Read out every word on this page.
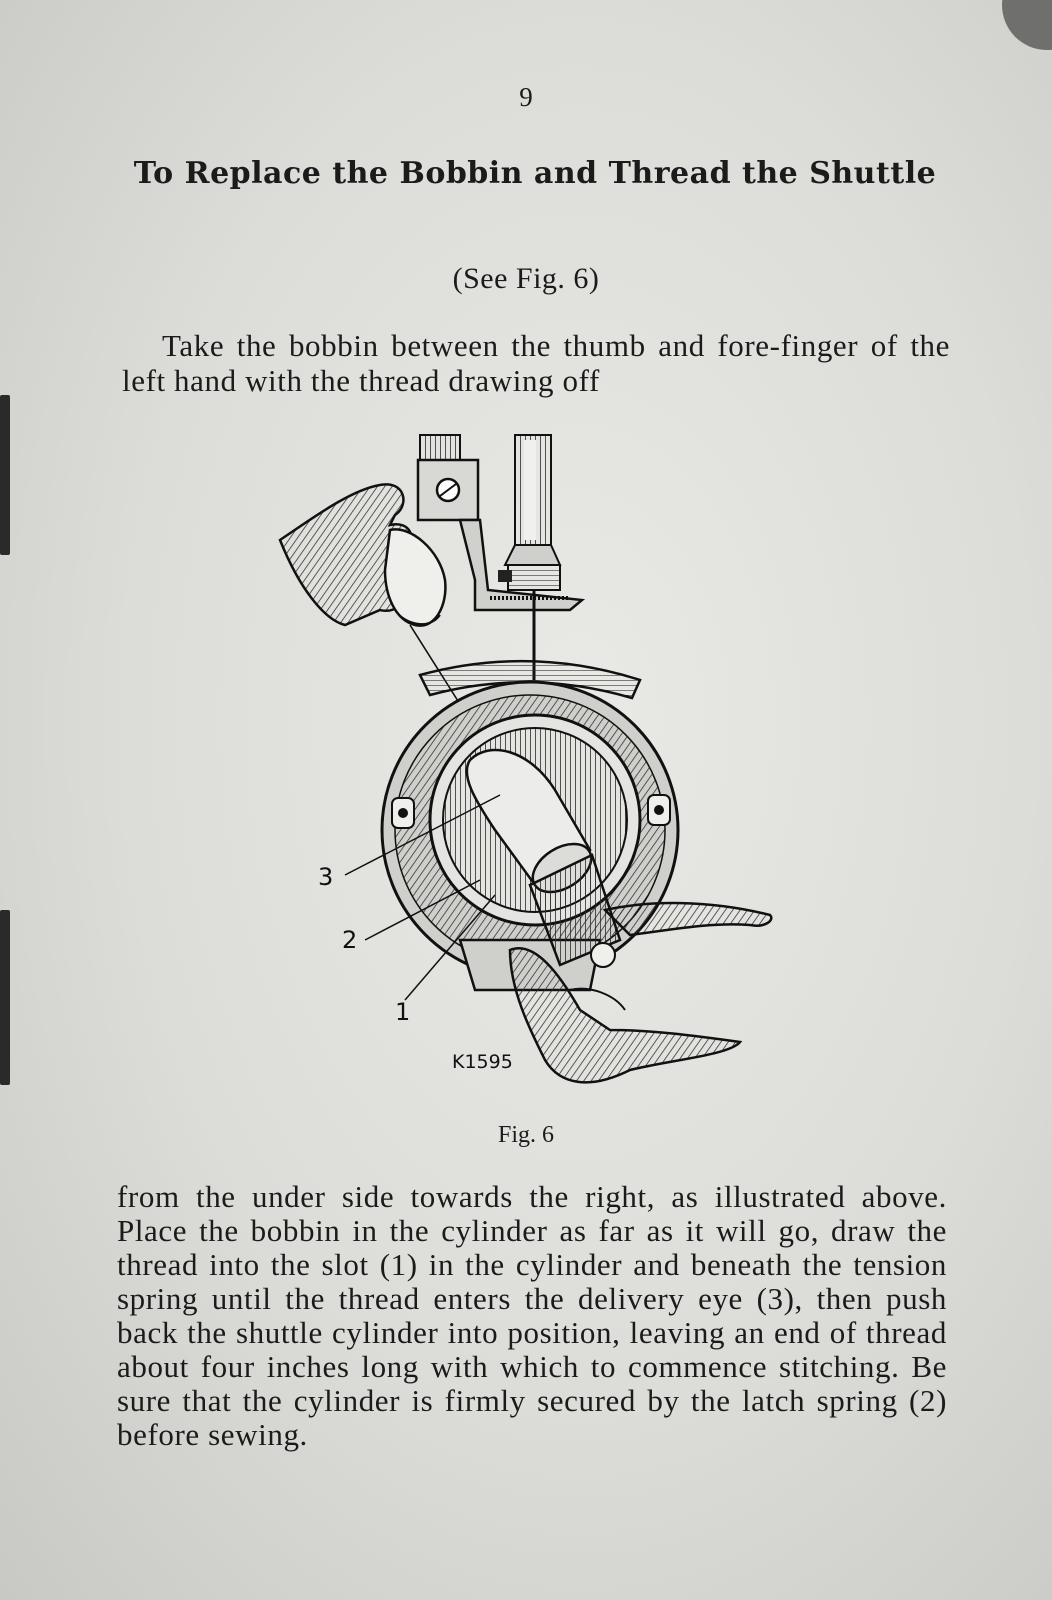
9
To Replace the Bobbin and Thread the Shuttle
(See Fig. 6)
Take the bobbin between the thumb and fore-finger of the left hand with the thread drawing off
3
2
1
K1595
Fig. 6
from the under side towards the right, as illustrated above. Place the bobbin in the cylinder as far as it will go, draw the thread into the slot (1) in the cylinder and beneath the tension spring until the thread enters the delivery eye (3), then push back the shuttle cylinder into position, leaving an end of thread about four inches long with which to commence stitching. Be sure that the cylinder is firmly secured by the latch spring (2) before sewing.
